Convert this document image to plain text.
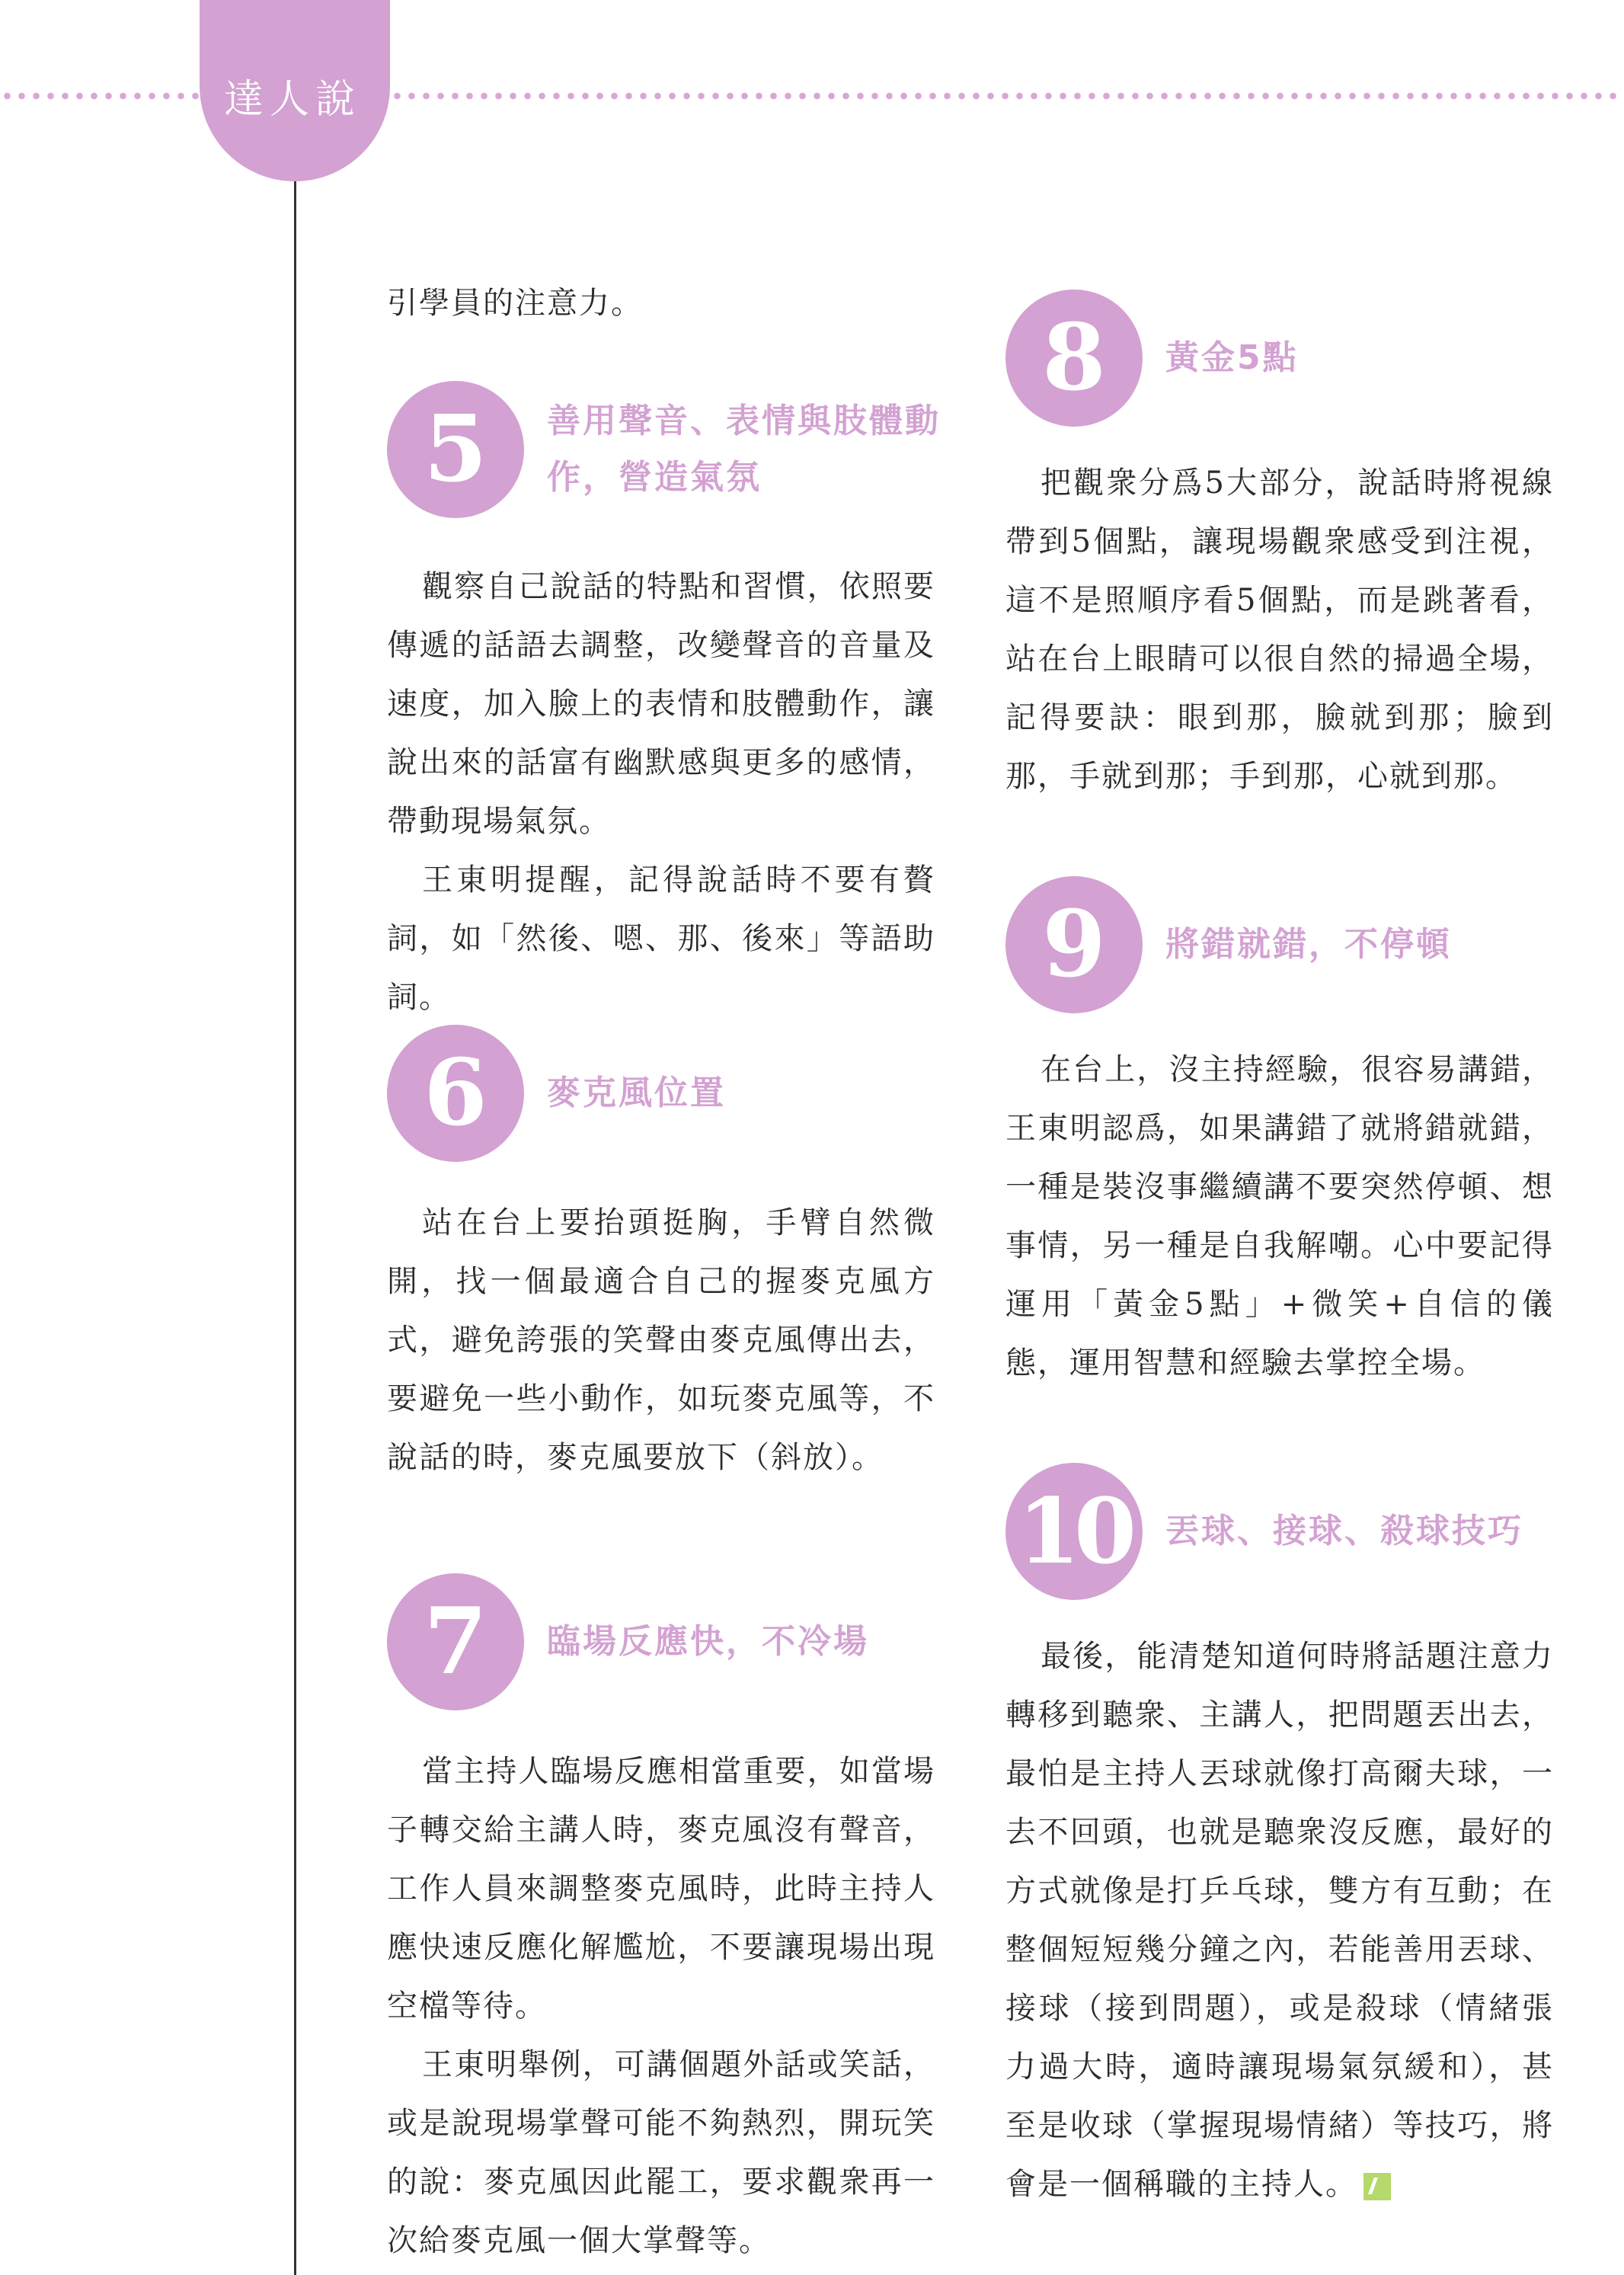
達人說

引學員的注意力。

5	善用聲音、表情與肢體動作，營造氣氛

觀察自己說話的特點和習慣，依照要傳遞的話語去調整，改變聲音的音量及速度，加入臉上的表情和肢體動作，讓說出來的話富有幽默感與更多的感情，帶動現場氣氛。

王東明提醒，記得說話時不要有贅詞，如「然後、嗯、那、後來」等語助詞。

6	麥克風位置

站在台上要抬頭挺胸，手臂自然微開，找一個最適合自己的握麥克風方式，避免誇張的笑聲由麥克風傳出去，要避免一些小動作，如玩麥克風等，不說話的時，麥克風要放下（斜放）。

7	臨場反應快，不冷場

當主持人臨場反應相當重要，如當場子轉交給主講人時，麥克風沒有聲音，工作人員來調整麥克風時，此時主持人應快速反應化解尷尬，不要讓現場出現空檔等待。

王東明舉例，可講個題外話或笑話，或是說現場掌聲可能不夠熱烈，開玩笑的說：麥克風因此罷工，要求觀衆再一次給麥克風一個大掌聲等。

8	黃金5點

把觀衆分爲5大部分，說話時將視線帶到5個點，讓現場觀衆感受到注視，這不是照順序看5個點，而是跳著看，站在台上眼睛可以很自然的掃過全場，記得要訣：眼到那，臉就到那；臉到那，手就到那；手到那，心就到那。

9	將錯就錯，不停頓

在台上，沒主持經驗，很容易講錯，王東明認爲，如果講錯了就將錯就錯，一種是裝沒事繼續講不要突然停頓、想事情，另一種是自我解嘲。心中要記得運用「黃金5點」+微笑+自信的儀態，運用智慧和經驗去掌控全場。

10	丟球、接球、殺球技巧

最後，能清楚知道何時將話題注意力轉移到聽衆、主講人，把問題丟出去，最怕是主持人丟球就像打高爾夫球，一去不回頭，也就是聽衆沒反應，最好的方式就像是打乒乓球，雙方有互動；在整個短短幾分鐘之內，若能善用丟球、接球（接到問題），或是殺球（情緒張力過大時，適時讓現場氣氛緩和），甚至是收球（掌握現場情緒）等技巧，將會是一個稱職的主持人。
